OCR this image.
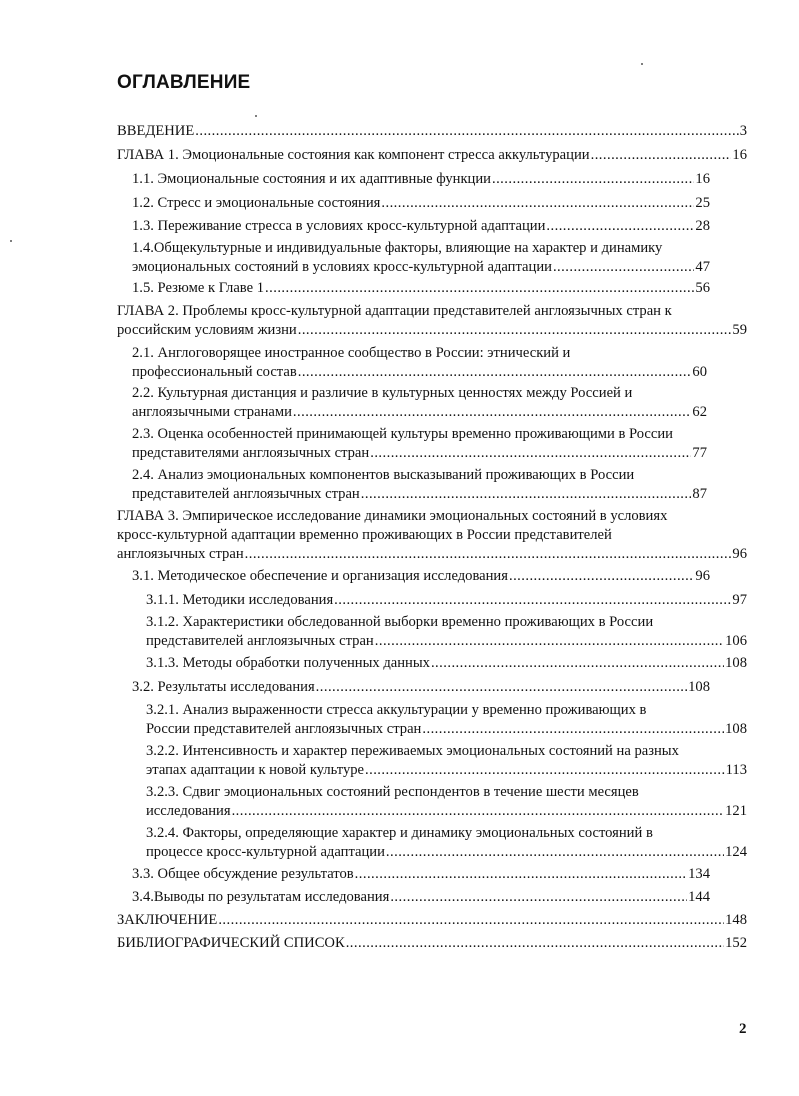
ОГЛАВЛЕНИЕ
ВВЕДЕНИЕ . . .	3
ГЛАВА 1. Эмоциональные состояния как компонент стресса аккультурации . . .	16
1.1. Эмоциональные состояния и их адаптивные функции . . .	16
1.2. Стресс и эмоциональные состояния . . .	25
1.3. Переживание стресса в условиях кросс-культурной адаптации . . .	28
1.4.Общекультурные и индивидуальные факторы, влияющие на характер и динамику
эмоциональных состояний в условиях кросс-культурной адаптации . . .	47
1.5. Резюме к Главе 1 . . .	56
ГЛАВА 2. Проблемы кросс-культурной адаптации представителей англоязычных стран к
российским условиям жизни . . .	59
2.1. Англоговорящее иностранное сообщество в России: этнический и
профессиональный состав . . .	60
2.2. Культурная дистанция и различие в культурных ценностях между Россией и
англоязычными странами . . .	62
2.3. Оценка особенностей принимающей культуры временно проживающими в России
представителями англоязычных стран . . .	77
2.4. Анализ эмоциональных компонентов высказываний проживающих в России
представителей англоязычных стран . . .	87
ГЛАВА 3. Эмпирическое исследование динамики эмоциональных состояний в условиях
кросс-культурной адаптации временно проживающих в России представителей
англоязычных стран . . .	96
3.1. Методическое обеспечение и организация исследования . . .	96
3.1.1. Методики исследования . . .	97
3.1.2. Характеристики обследованной выборки временно проживающих в России
представителей англоязычных стран . . .	106
3.1.3. Методы обработки полученных данных . . .	108
3.2. Результаты исследования . . .	108
3.2.1. Анализ выраженности стресса аккультурации у временно проживающих в
России представителей англоязычных стран . . .	108
3.2.2. Интенсивность и характер переживаемых эмоциональных состояний на разных
этапах адаптации к новой культуре . . .	113
3.2.3. Сдвиг эмоциональных состояний респондентов в течение шести месяцев
исследования . . .	121
3.2.4. Факторы, определяющие характер и динамику эмоциональных состояний в
процессе кросс-культурной адаптации . . .	124
3.3. Общее обсуждение результатов . . .	134
3.4.Выводы по результатам исследования . . .	144
ЗАКЛЮЧЕНИЕ . . .	148
БИБЛИОГРАФИЧЕСКИЙ СПИСОК . . .	152
2
